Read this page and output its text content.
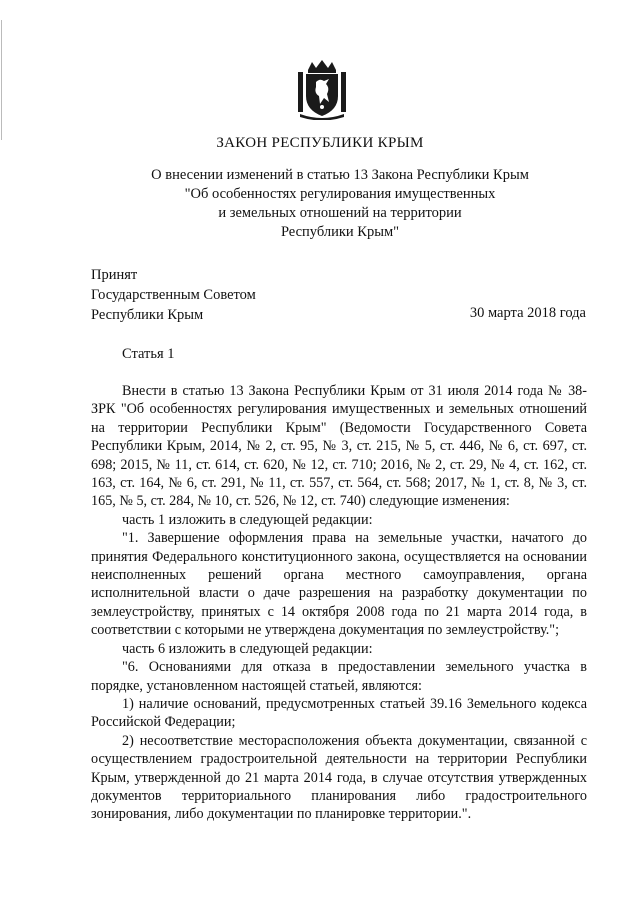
ЗАКОН РЕСПУБЛИКИ КРЫМ
О внесении изменений в статью 13 Закона Республики Крым
"Об особенностях регулирования имущественных
и земельных отношений на территории
Республики Крым"
Принят
Государственным Советом
Республики Крым	30 марта 2018 года
Статья 1

Внести в статью 13 Закона Республики Крым от 31 июля 2014 года № 38-ЗРК "Об особенностях регулирования имущественных и земельных отношений на территории Республики Крым" (Ведомости Государственного Совета Республики Крым, 2014, № 2, ст. 95, № 3, ст. 215, № 5, ст. 446, № 6, ст. 697, ст. 698; 2015, № 11, ст. 614, ст. 620, № 12, ст. 710; 2016, № 2, ст. 29, № 4, ст. 162, ст. 163, ст. 164, № 6, ст. 291, № 11, ст. 557, ст. 564, ст. 568; 2017, № 1, ст. 8, № 3, ст. 165, № 5, ст. 284, № 10, ст. 526, № 12, ст. 740) следующие изменения:

часть 1 изложить в следующей редакции:

"1. Завершение оформления права на земельные участки, начатого до принятия Федерального конституционного закона, осуществляется на основании неисполненных решений органа местного самоуправления, органа исполнительной власти о даче разрешения на разработку документации по землеустройству, принятых с 14 октября 2008 года по 21 марта 2014 года, в соответствии с которыми не утверждена документация по землеустройству.";

часть 6 изложить в следующей редакции:

"6. Основаниями для отказа в предоставлении земельного участка в порядке, установленном настоящей статьей, являются:

1) наличие оснований, предусмотренных статьей 39.16 Земельного кодекса Российской Федерации;

2) несоответствие месторасположения объекта документации, связанной с осуществлением градостроительной деятельности на территории Республики Крым, утвержденной до 21 марта 2014 года, в случае отсутствия утвержденных документов территориального планирования либо градостроительного зонирования, либо документации по планировке территории.".
